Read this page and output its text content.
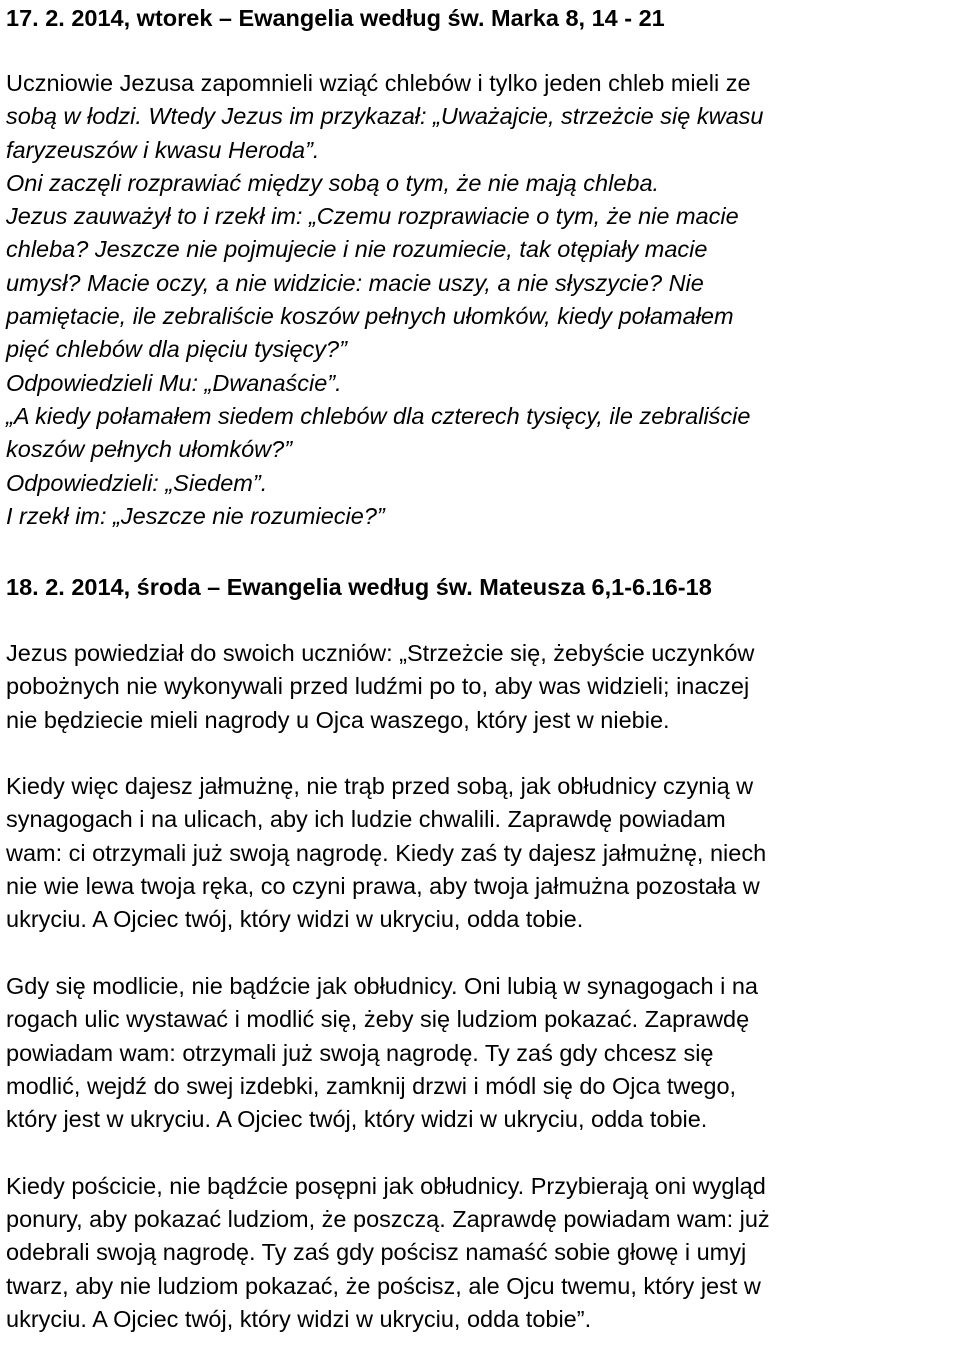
17. 2. 2014, wtorek – Ewangelia według św. Marka 8, 14 - 21

Uczniowie Jezusa zapomnieli wziąć chlebów i tylko jeden chleb mieli ze

sobą w łodzi. Wtedy Jezus im przykazał: „Uważajcie, strzeżcie się kwasu

faryzeuszów i kwasu Heroda”.

Oni zaczęli rozprawiać między sobą o tym, że nie mają chleba.

Jezus zauważył to i rzekł im: „Czemu rozprawiacie o tym, że nie macie

chleba? Jeszcze nie pojmujecie i nie rozumiecie, tak otępiały macie

umysł? Macie oczy, a nie widzicie: macie uszy, a nie słyszycie? Nie

pamiętacie, ile zebraliście koszów pełnych ułomków, kiedy połamałem

pięć chlebów dla pięciu tysięcy?”

Odpowiedzieli Mu: „Dwanaście”.

„A kiedy połamałem siedem chlebów dla czterech tysięcy, ile zebraliście

koszów pełnych ułomków?”

Odpowiedzieli: „Siedem”.

I rzekł im: „Jeszcze nie rozumiecie?”

18. 2. 2014, środa – Ewangelia według św. Mateusza 6,1-6.16-18

Jezus powiedział do swoich uczniów: „Strzeżcie się, żebyście uczynków

pobożnych nie wykonywali przed ludźmi po to, aby was widzieli; inaczej

nie będziecie mieli nagrody u Ojca waszego, który jest w niebie.

Kiedy więc dajesz jałmużnę, nie trąb przed sobą, jak obłudnicy czynią w

synagogach i na ulicach, aby ich ludzie chwalili. Zaprawdę powiadam

wam: ci otrzymali już swoją nagrodę. Kiedy zaś ty dajesz jałmużnę, niech

nie wie lewa twoja ręka, co czyni prawa, aby twoja jałmużna pozostała w

ukryciu. A Ojciec twój, który widzi w ukryciu, odda tobie.

Gdy się modlicie, nie bądźcie jak obłudnicy. Oni lubią w synagogach i na

rogach ulic wystawać i modlić się, żeby się ludziom pokazać. Zaprawdę

powiadam wam: otrzymali już swoją nagrodę. Ty zaś gdy chcesz się

modlić, wejdź do swej izdebki, zamknij drzwi i módl się do Ojca twego,

który jest w ukryciu. A Ojciec twój, który widzi w ukryciu, odda tobie.

Kiedy pościcie, nie bądźcie posępni jak obłudnicy. Przybierają oni wygląd

ponury, aby pokazać ludziom, że poszczą. Zaprawdę powiadam wam: już

odebrali swoją nagrodę. Ty zaś gdy pościsz namaść sobie głowę i umyj

twarz, aby nie ludziom pokazać, że pościsz, ale Ojcu twemu, który jest w

ukryciu. A Ojciec twój, który widzi w ukryciu, odda tobie”.
